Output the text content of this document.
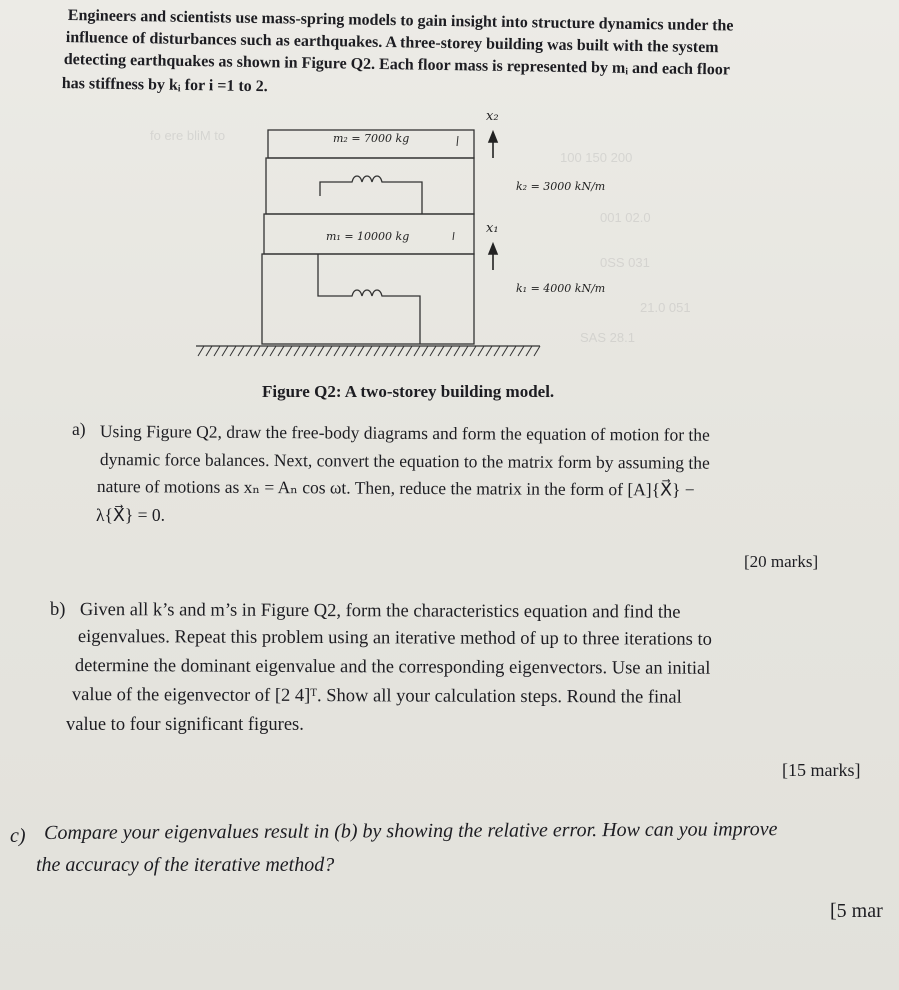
fo ere bliM to
100 150 200
001 02.0
0SS 031
21.0 051
SAS 28.1
Engineers and scientists use mass-spring models to gain insight into structure dynamics under the
influence of disturbances such as earthquakes. A three-storey building was built with the system
detecting earthquakes as shown in Figure Q2. Each floor mass is represented by mᵢ and each floor
has stiffness by kᵢ for i =1 to 2.
m₂ = 7000 kg
m₁ = 10000 kg
x₂
x₁
k₂ = 3000 kN/m
k₁ = 4000 kN/m
Figure Q2: A two-storey building model.
a) Using Figure Q2, draw the free-body diagrams and form the equation of motion for the
dynamic force balances. Next, convert the equation to the matrix form by assuming the
nature of motions as xₙ = Aₙ cos ωt. Then, reduce the matrix in the form of [A]{X⃗} −
λ{X⃗} = 0.
[20 marks]
b) Given all k’s and m’s in Figure Q2, form the characteristics equation and find the
eigenvalues. Repeat this problem using an iterative method of up to three iterations to
determine the dominant eigenvalue and the corresponding eigenvectors. Use an initial
value of the eigenvector of [2 4]ᵀ. Show all your calculation steps. Round the final
value to four significant figures.
[15 marks]
c) Compare your eigenvalues result in (b) by showing the relative error. How can you improve
the accuracy of the iterative method?
[5 mar
